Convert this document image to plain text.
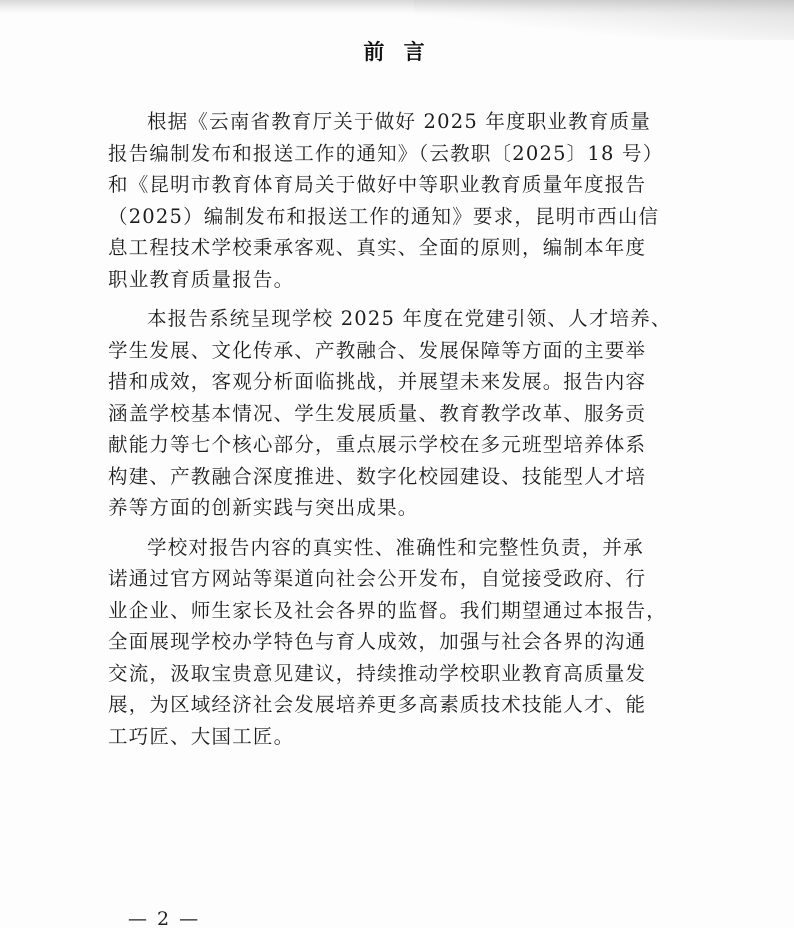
前 言

根据《云南省教育厅关于做好 2025 年度职业教育质量
报告编制发布和报送工作的通知》（云教职〔2025〕18 号）
和《昆明市教育体育局关于做好中等职业教育质量年度报告
（2025）编制发布和报送工作的通知》要求，昆明市西山信
息工程技术学校秉承客观、真实、全面的原则，编制本年度
职业教育质量报告。

本报告系统呈现学校 2025 年度在党建引领、人才培养、
学生发展、文化传承、产教融合、发展保障等方面的主要举
措和成效，客观分析面临挑战，并展望未来发展。报告内容
涵盖学校基本情况、学生发展质量、教育教学改革、服务贡
献能力等七个核心部分，重点展示学校在多元班型培养体系
构建、产教融合深度推进、数字化校园建设、技能型人才培
养等方面的创新实践与突出成果。

学校对报告内容的真实性、准确性和完整性负责，并承
诺通过官方网站等渠道向社会公开发布，自觉接受政府、行
业企业、师生家长及社会各界的监督。我们期望通过本报告，
全面展现学校办学特色与育人成效，加强与社会各界的沟通
交流，汲取宝贵意见建议，持续推动学校职业教育高质量发
展，为区域经济社会发展培养更多高素质技术技能人才、能
工巧匠、大国工匠。

— 2 —
